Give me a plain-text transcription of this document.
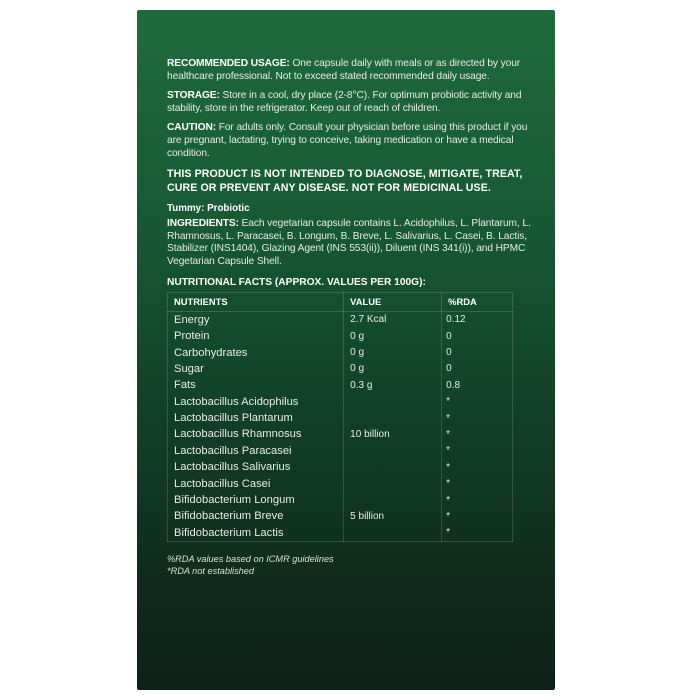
RECOMMENDED USAGE: One capsule daily with meals or as directed by your healthcare professional. Not to exceed stated recommended daily usage.

STORAGE: Store in a cool, dry place (2-8°C). For optimum probiotic activity and stability, store in the refrigerator. Keep out of reach of children.

CAUTION: For adults only. Consult your physician before using this product if you are pregnant, lactating, trying to conceive, taking medication or have a medical condition.

THIS PRODUCT IS NOT INTENDED TO DIAGNOSE, MITIGATE, TREAT, CURE OR PREVENT ANY DISEASE. NOT FOR MEDICINAL USE.

Tummy: Probiotic

INGREDIENTS: Each vegetarian capsule contains L. Acidophilus, L. Plantarum, L. Rhamnosus, L. Paracasei, B. Longum, B. Breve, L. Salivarius, L. Casei, B. Lactis, Stabilizer (INS1404), Glazing Agent (INS 553(ii)), Diluent (INS 341(i)), and HPMC Vegetarian Capsule Shell.

NUTRITIONAL FACTS (APPROX. VALUES PER 100G):

NUTRIENTS	VALUE	%RDA
Energy	2.7 Kcal	0.12
Protein	0 g	0
Carbohydrates	0 g	0
Sugar	0 g	0
Fats	0.3 g	0.8
Lactobacillus Acidophilus		*
Lactobacillus Plantarum		*
Lactobacillus Rhamnosus	10 billion	*
Lactobacillus Paracasei		*
Lactobacillus Salivarius		*
Lactobacillus Casei		*
Bifidobacterium Longum		*
Bifidobacterium Breve	5 billion	*
Bifidobacterium Lactis		*
%RDA values based on ICMR guidelines
*RDA not established
